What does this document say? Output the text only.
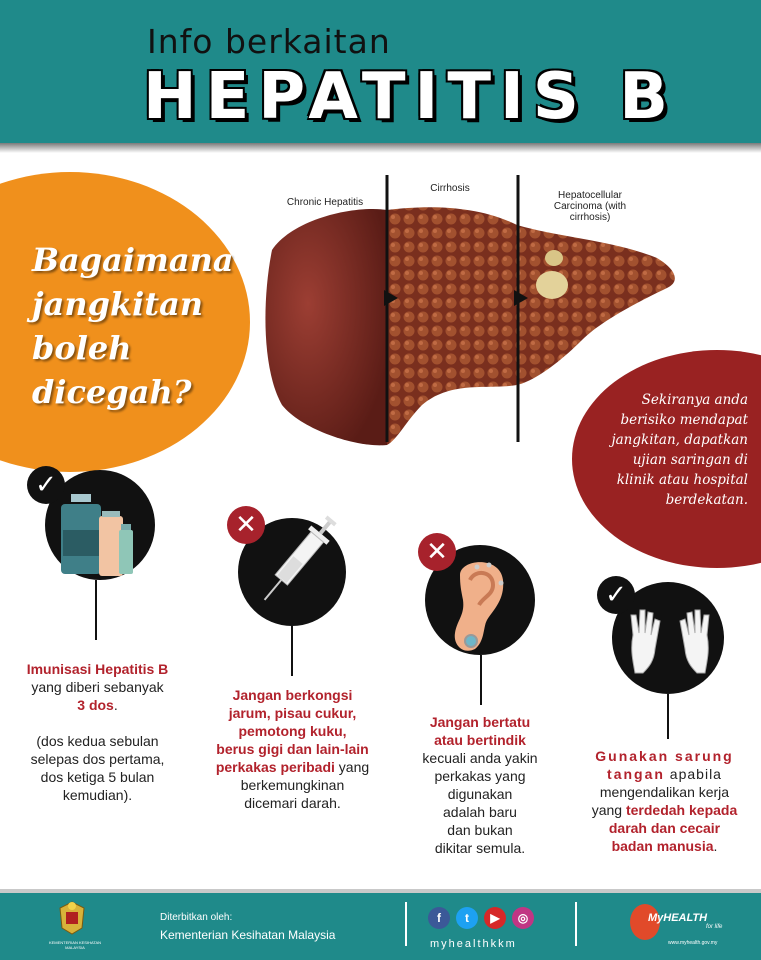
Info berkaitan
HEPATITIS B
Bagaimana
jangkitan
boleh
dicegah?
Chronic Hepatitis
Cirrhosis
Hepatocellular Carcinoma (with cirrhosis)
Sekiranya anda
berisiko mendapat
jangkitan, dapatkan
ujian saringan di
klinik atau hospital
berdekatan.
✓
Imunisasi Hepatitis B
yang diberi sebanyak
3 dos.

(dos kedua sebulan
selepas dos pertama,
dos ketiga 5 bulan
kemudian).
✕
Jangan berkongsi
jarum, pisau cukur,
pemotong kuku,
berus gigi dan lain-lain
perkakas peribadi yang
berkemungkinan
dicemari darah.
✕
Jangan bertatu
atau bertindik
kecuali anda yakin
perkakas yang
digunakan
adalah baru
dan bukan
dikitar semula.
✓
Gunakan sarung
tangan apabila
mengendalikan kerja
yang terdedah kepada
darah dan cecair
badan manusia.
KEMENTERIAN KESIHATAN MALAYSIA
Diterbitkan oleh:
Kementerian Kesihatan Malaysia
f	t	▶	◎
myhealthkkm
MyHEALTH
for life
www.myhealth.gov.my
